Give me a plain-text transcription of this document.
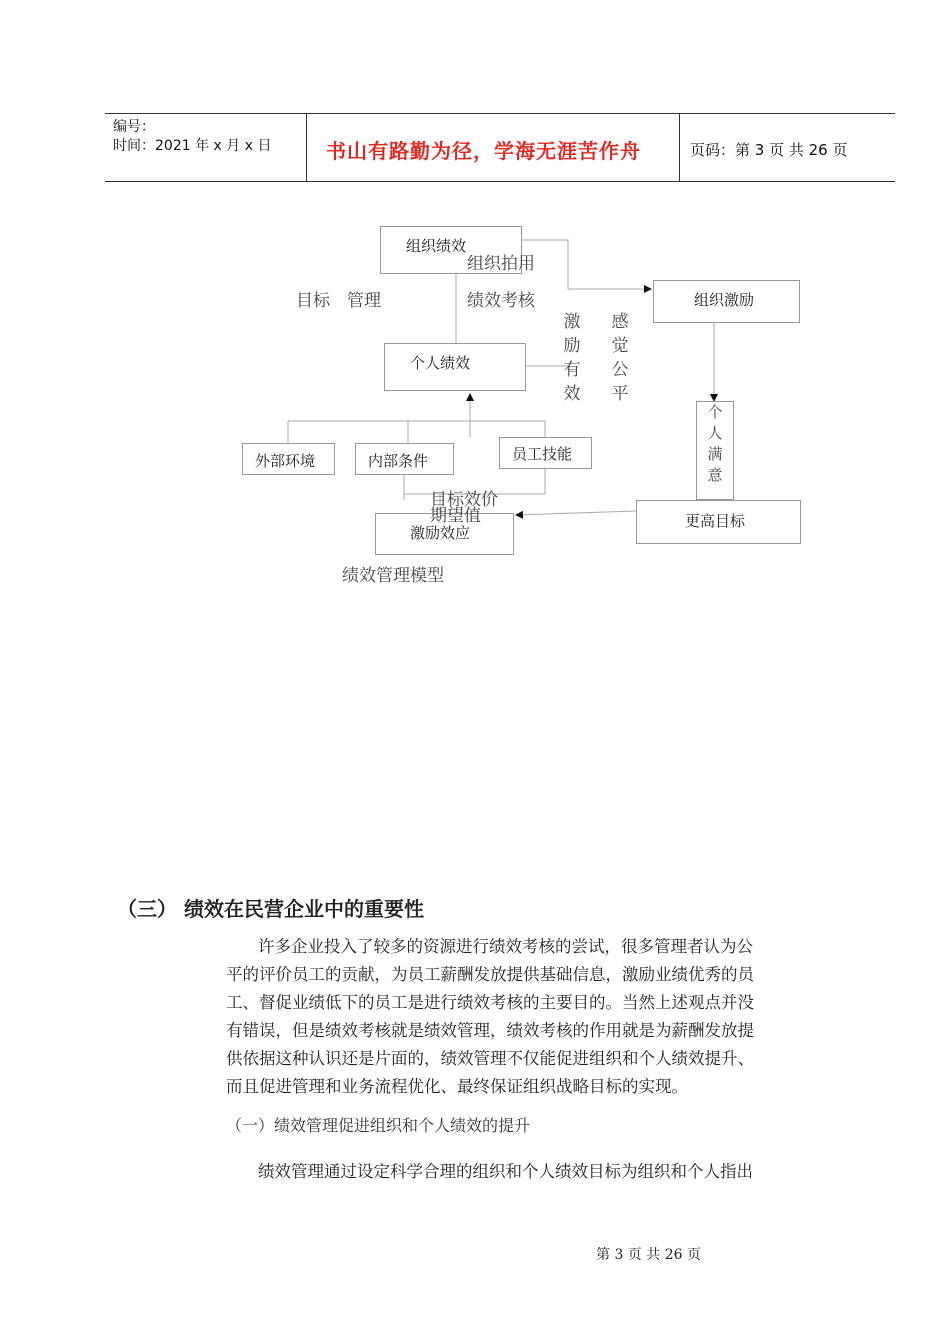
编号：
时间：2021 年 x 月 x 日	书山有路勤为径，学海无涯苦作舟	页码：第 3 页 共 26 页
组织绩效
个人绩效
组织激励
外部环境	内部条件	员工技能
激励效应
更高目标
目标　管理
组织拍用
绩效考核
目标效价
期望值
激
励
有
效
感
觉
公
平
个
人
满
意
绩效管理模型
（三） 绩效在民营企业中的重要性
许多企业投入了较多的资源进行绩效考核的尝试，很多管理者认为公
平的评价员工的贡献，为员工薪酬发放提供基础信息，激励业绩优秀的员
工、督促业绩低下的员工是进行绩效考核的主要目的。当然上述观点并没
有错误，但是绩效考核就是绩效管理，绩效考核的作用就是为薪酬发放提
供依据这种认识还是片面的，绩效管理不仅能促进组织和个人绩效提升、
而且促进管理和业务流程优化、最终保证组织战略目标的实现。
（一）绩效管理促进组织和个人绩效的提升
绩效管理通过设定科学合理的组织和个人绩效目标为组织和个人指出
第 3 页 共 26 页
